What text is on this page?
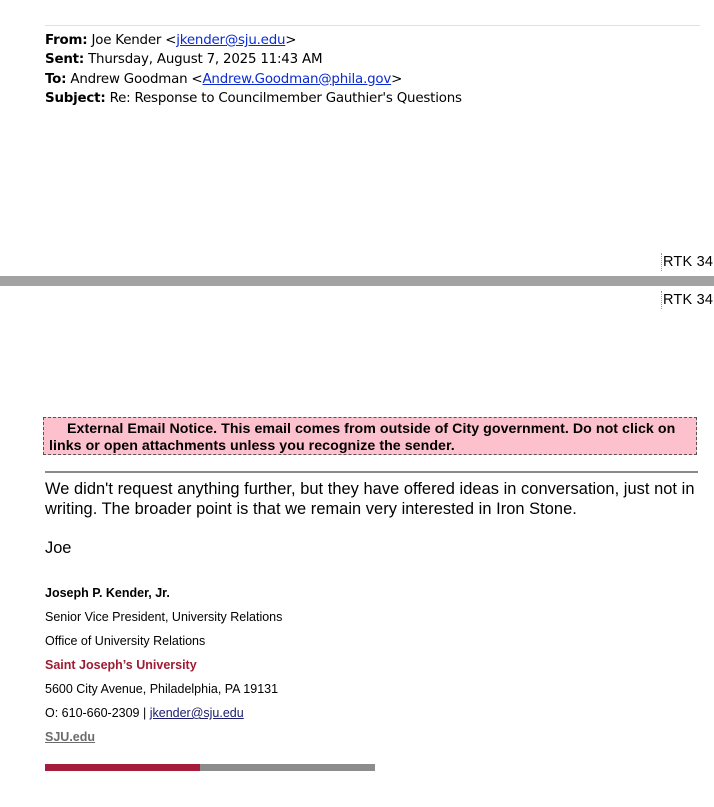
From: Joe Kender <jkender@sju.edu>
Sent: Thursday, August 7, 2025 11:43 AM
To: Andrew Goodman <Andrew.Goodman@phila.gov>
Subject: Re: Response to Councilmember Gauthier's Questions
RTK 34
RTK 34
External Email Notice. This email comes from outside of City government. Do not click on links or open attachments unless you recognize the sender.
We didn't request anything further, but they have offered ideas in conversation, just not in writing. The broader point is that we remain very interested in Iron Stone.
Joe
Joseph P. Kender, Jr.
Senior Vice President, University Relations
Office of University Relations
Saint Joseph’s University
5600 City Avenue, Philadelphia, PA 19131
O: 610-660-2309 | jkender@sju.edu
SJU.edu
